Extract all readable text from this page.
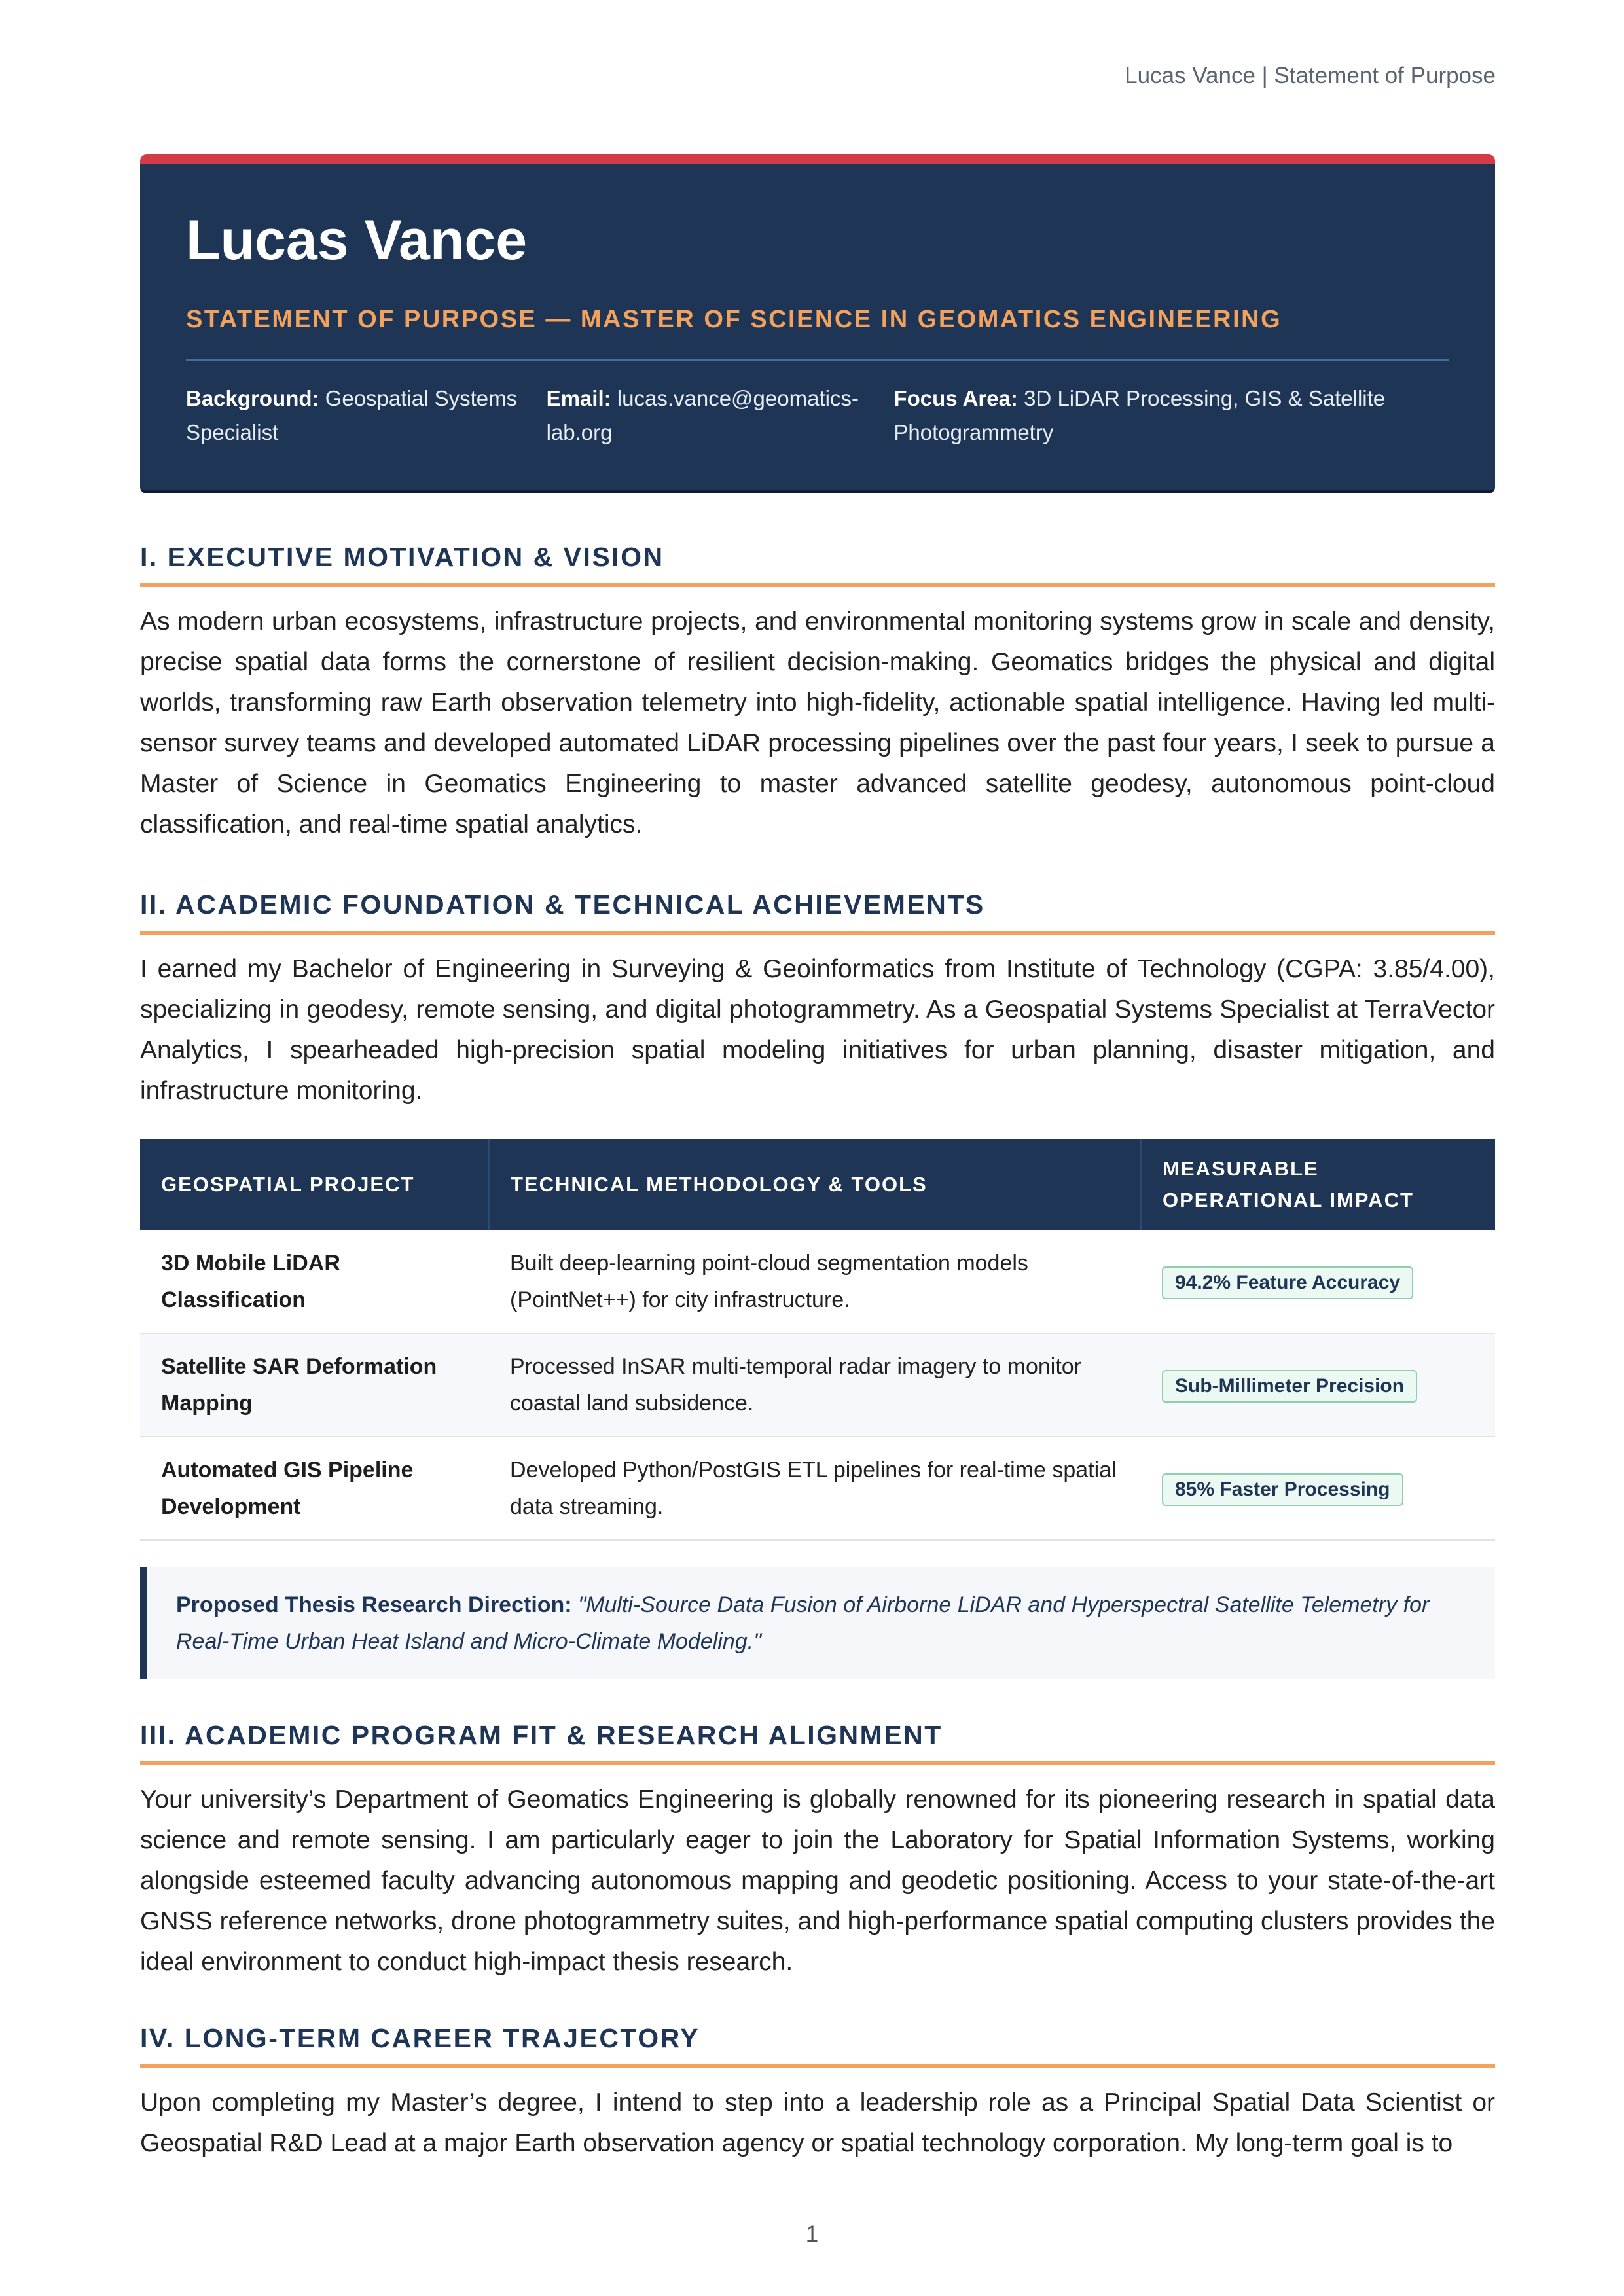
Lucas Vance | Statement of Purpose
Lucas Vance
STATEMENT OF PURPOSE — MASTER OF SCIENCE IN GEOMATICS ENGINEERING
Background: Geospatial Systems Specialist
Email: lucas.vance@geomatics-lab.org
Focus Area: 3D LiDAR Processing, GIS & Satellite Photogrammetry
I. EXECUTIVE MOTIVATION & VISION

As modern urban ecosystems, infrastructure projects, and environmental monitoring systems grow in scale and density, precise spatial data forms the cornerstone of resilient decision-making. Geomatics bridges the physical and digital worlds, transforming raw Earth observation telemetry into high-fidelity, actionable spatial intelligence. Having led multi-sensor survey teams and developed automated LiDAR processing pipelines over the past four years, I seek to pursue a Master of Science in Geomatics Engineering to master advanced satellite geodesy, autonomous point-cloud classification, and real-time spatial analytics.

II. ACADEMIC FOUNDATION & TECHNICAL ACHIEVEMENTS

I earned my Bachelor of Engineering in Surveying & Geoinformatics from Institute of Technology (CGPA: 3.85/4.00), specializing in geodesy, remote sensing, and digital photogrammetry. As a Geospatial Systems Specialist at TerraVector Analytics, I spearheaded high-precision spatial modeling initiatives for urban planning, disaster mitigation, and infrastructure monitoring.

GEOSPATIAL PROJECT	TECHNICAL METHODOLOGY & TOOLS	MEASURABLE OPERATIONAL IMPACT
3D Mobile LiDAR Classification	Built deep-learning point-cloud segmentation models (PointNet++) for city infrastructure.	94.2% Feature Accuracy
Satellite SAR Deformation Mapping	Processed InSAR multi-temporal radar imagery to monitor coastal land subsidence.	Sub-Millimeter Precision
Automated GIS Pipeline Development	Developed Python/PostGIS ETL pipelines for real-time spatial data streaming.	85% Faster Processing
Proposed Thesis Research Direction: "Multi-Source Data Fusion of Airborne LiDAR and Hyperspectral Satellite Telemetry for Real-Time Urban Heat Island and Micro-Climate Modeling."
III. ACADEMIC PROGRAM FIT & RESEARCH ALIGNMENT

Your university’s Department of Geomatics Engineering is globally renowned for its pioneering research in spatial data science and remote sensing. I am particularly eager to join the Laboratory for Spatial Information Systems, working alongside esteemed faculty advancing autonomous mapping and geodetic positioning. Access to your state-of-the-art GNSS reference networks, drone photogrammetry suites, and high-performance spatial computing clusters provides the ideal environment to conduct high-impact thesis research.

IV. LONG-TERM CAREER TRAJECTORY

Upon completing my Master’s degree, I intend to step into a leadership role as a Principal Spatial Data Scientist or Geospatial R&D Lead at a major Earth observation agency or spatial technology corporation. My long-term goal is to

1
